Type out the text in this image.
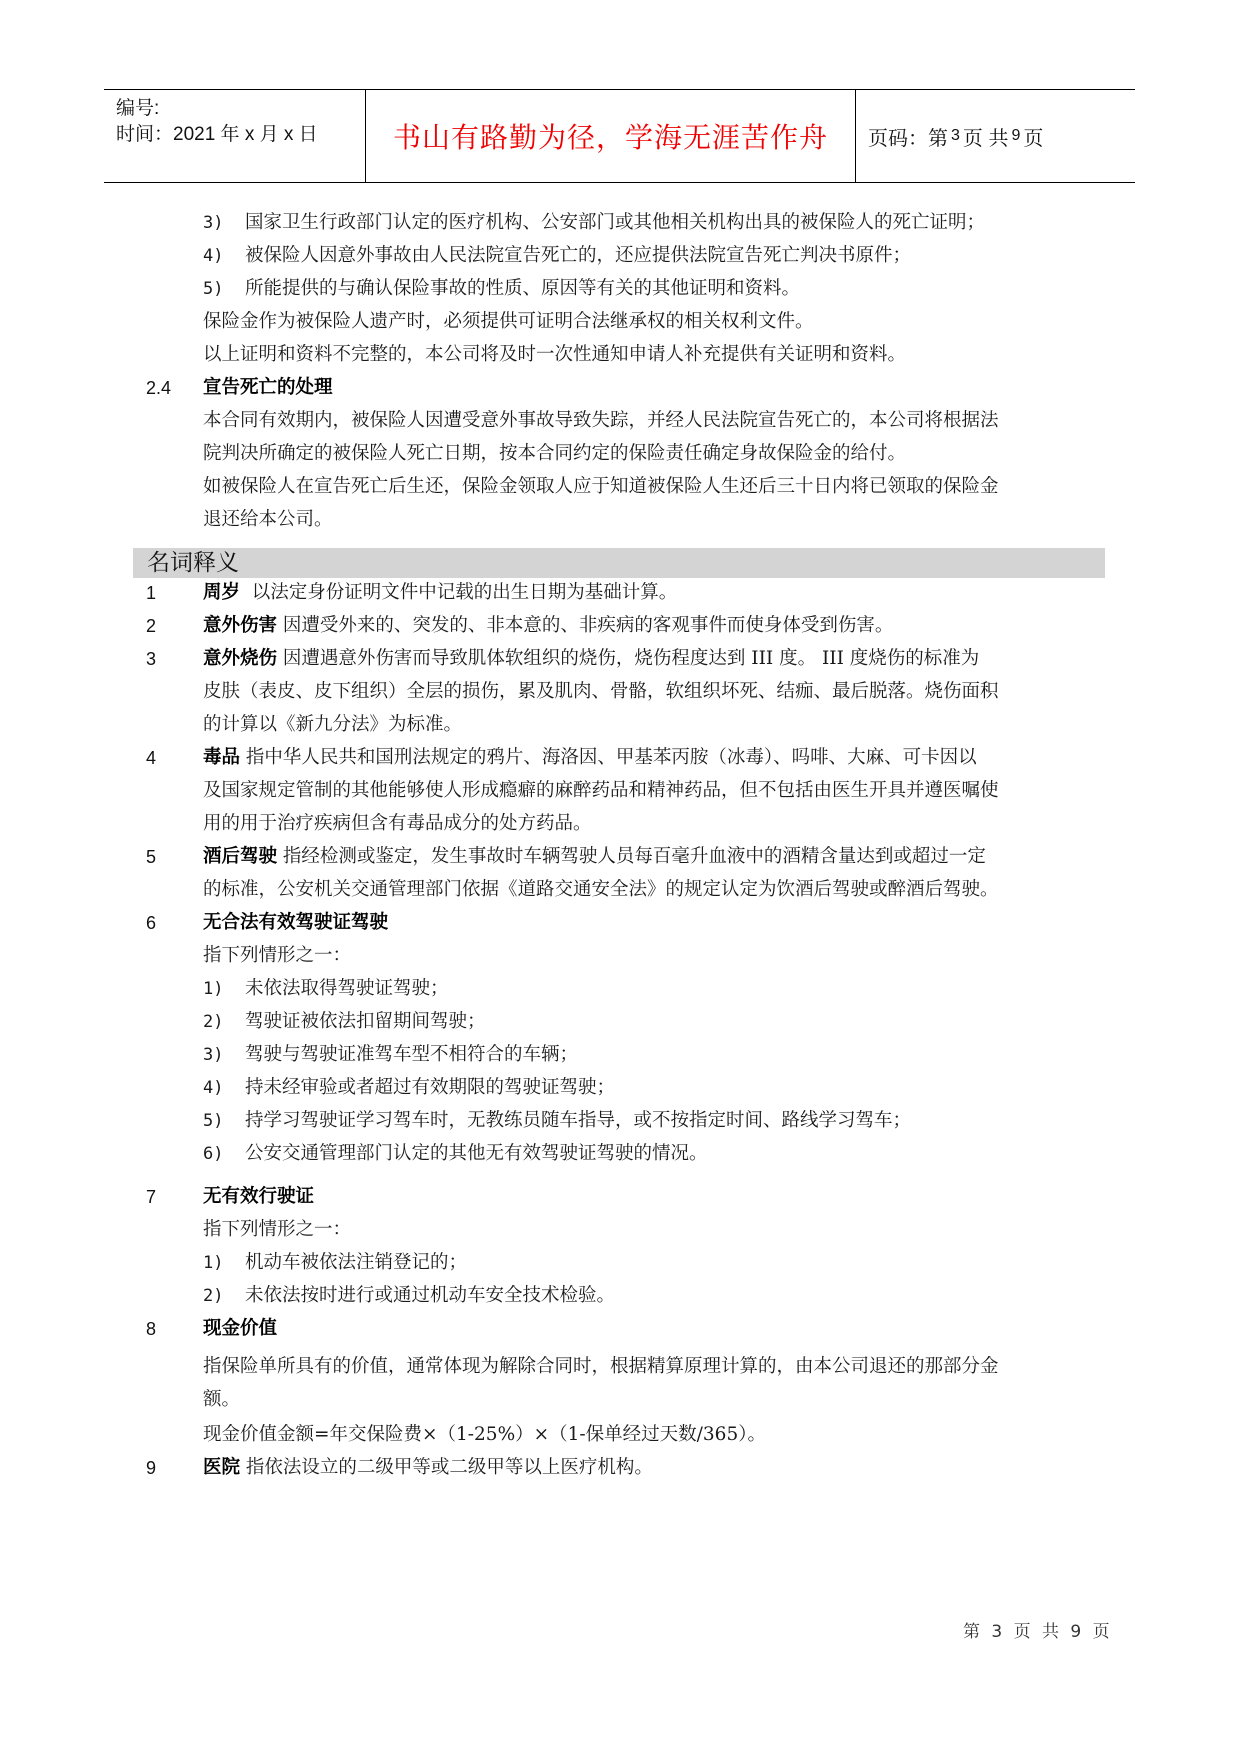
编号:
时间：2021 年 x 月 x 日	书山有路勤为径，学海无涯苦作舟 页码：第 3 页 共 9 页
3) 国家卫生行政部门认定的医疗机构、公安部门或其他相关机构出具的被保险人的死亡证明；
4) 被保险人因意外事故由人民法院宣告死亡的，还应提供法院宣告死亡判决书原件；
5) 所能提供的与确认保险事故的性质、原因等有关的其他证明和资料。
保险金作为被保险人遗产时，必须提供可证明合法继承权的相关权利文件。
以上证明和资料不完整的，本公司将及时一次性通知申请人补充提供有关证明和资料。
2.4 宣告死亡的处理
本合同有效期内，被保险人因遭受意外事故导致失踪，并经人民法院宣告死亡的，本公司将根据法
院判决所确定的被保险人死亡日期，按本合同约定的保险责任确定身故保险金的给付。
如被保险人在宣告死亡后生还，保险金领取人应于知道被保险人生还后三十日内将已领取的保险金
退还给本公司。
名词释义
1	周岁 以法定身份证明文件中记载的出生日期为基础计算。
2	意外伤害 因遭受外来的、突发的、非本意的、非疾病的客观事件而使身体受到伤害。
3	意外烧伤 因遭遇意外伤害而导致肌体软组织的烧伤，烧伤程度达到 III 度。 III 度烧伤的标准为
皮肤（表皮、皮下组织）全层的损伤，累及肌肉、骨骼，软组织坏死、结痂、最后脱落。烧伤面积
的计算以《新九分法》为标准。
4	毒品 指中华人民共和国刑法规定的鸦片、海洛因、甲基苯丙胺（冰毒）、吗啡、大麻、可卡因以
及国家规定管制的其他能够使人形成瘾癖的麻醉药品和精神药品，但不包括由医生开具并遵医嘱使
用的用于治疗疾病但含有毒品成分的处方药品。
5	酒后驾驶 指经检测或鉴定，发生事故时车辆驾驶人员每百毫升血液中的酒精含量达到或超过一定
的标准，公安机关交通管理部门依据《道路交通安全法》的规定认定为饮酒后驾驶或醉酒后驾驶。
6	无合法有效驾驶证驾驶
指下列情形之一：
1) 未依法取得驾驶证驾驶；
2) 驾驶证被依法扣留期间驾驶；
3) 驾驶与驾驶证准驾车型不相符合的车辆；
4) 持未经审验或者超过有效期限的驾驶证驾驶；
5) 持学习驾驶证学习驾车时，无教练员随车指导，或不按指定时间、路线学习驾车；
6) 公安交通管理部门认定的其他无有效驾驶证驾驶的情况。
7	无有效行驶证
指下列情形之一：
1) 机动车被依法注销登记的；
2) 未依法按时进行或通过机动车安全技术检验。
8	现金价值
指保险单所具有的价值，通常体现为解除合同时，根据精算原理计算的，由本公司退还的那部分金
额。
现金价值金额=年交保险费×（1-25%）×（1-保单经过天数/365）。
9	医院 指依法设立的二级甲等或二级甲等以上医疗机构。
第 3 页 共 9 页
